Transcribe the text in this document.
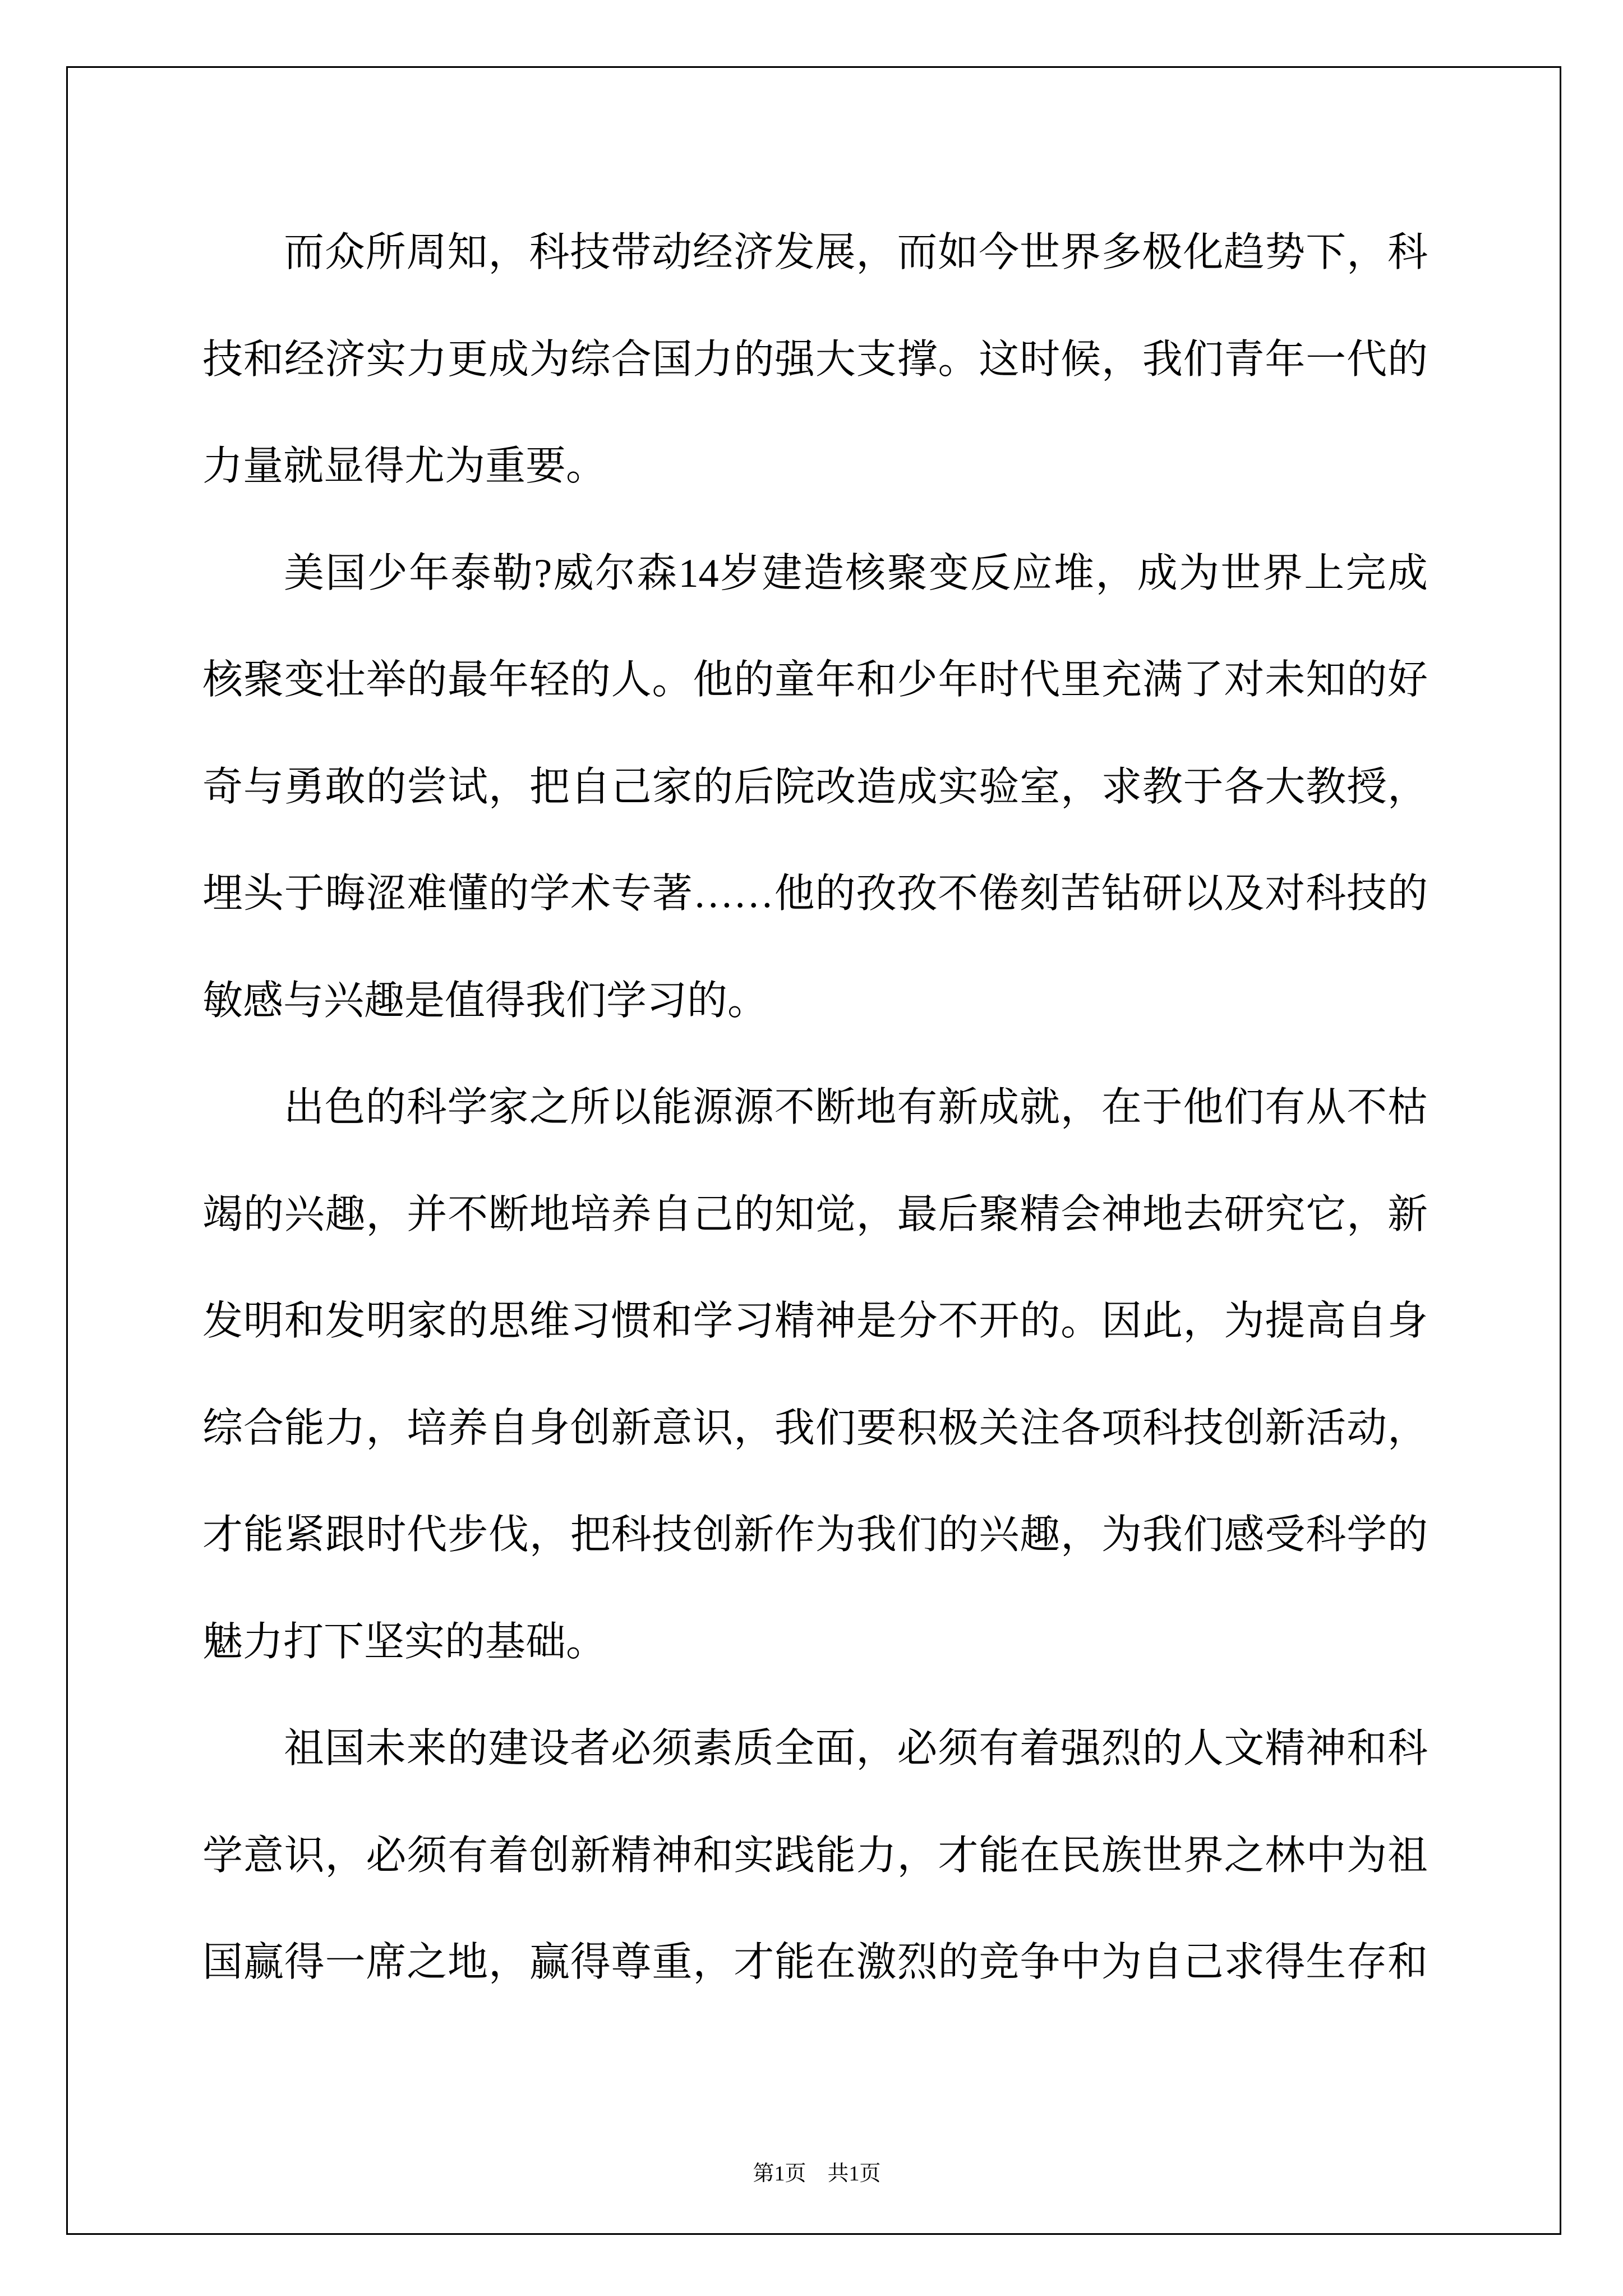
而众所周知，科技带动经济发展，而如今世界多极化趋势下，科
技和经济实力更成为综合国力的强大支撑。这时候，我们青年一代的
力量就显得尤为重要。
美国少年泰勒?威尔森14岁建造核聚变反应堆，成为世界上完成
核聚变壮举的最年轻的人。他的童年和少年时代里充满了对未知的好
奇与勇敢的尝试，把自己家的后院改造成实验室，求教于各大教授，
埋头于晦涩难懂的学术专著……他的孜孜不倦刻苦钻研以及对科技的
敏感与兴趣是值得我们学习的。
出色的科学家之所以能源源不断地有新成就，在于他们有从不枯
竭的兴趣，并不断地培养自己的知觉，最后聚精会神地去研究它，新
发明和发明家的思维习惯和学习精神是分不开的。因此，为提高自身
综合能力，培养自身创新意识，我们要积极关注各项科技创新活动，
才能紧跟时代步伐，把科技创新作为我们的兴趣，为我们感受科学的
魅力打下坚实的基础。
祖国未来的建设者必须素质全面，必须有着强烈的人文精神和科
学意识，必须有着创新精神和实践能力，才能在民族世界之林中为祖
国赢得一席之地，赢得尊重，才能在激烈的竞争中为自己求得生存和

第1页　共1页
